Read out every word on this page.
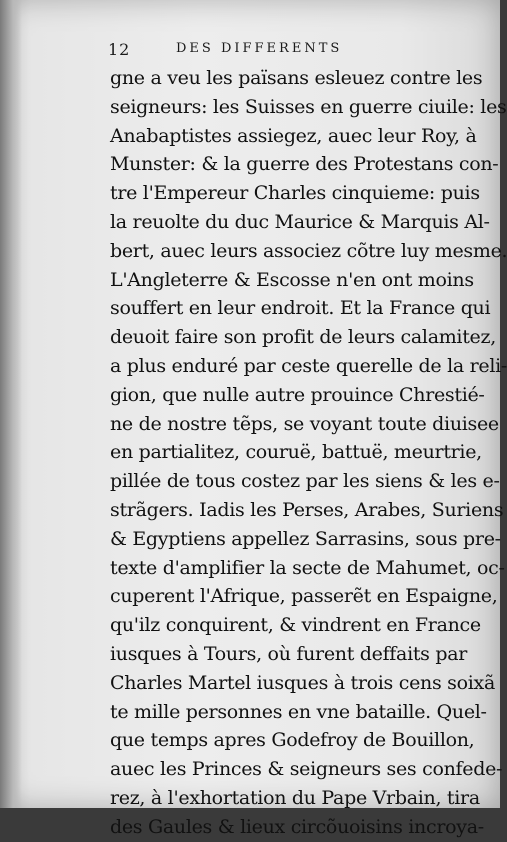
12	DES DIFFERENTS
gne a veu les païsans esleuez contre les
seigneurs: les Suisses en guerre ciuile: les
Anabaptistes assiegez, auec leur Roy, à
Munster: & la guerre des Protestans con-
tre l'Empereur Charles cinquieme: puis
la reuolte du duc Maurice & Marquis Al-
bert, auec leurs associez cõtre luy mesme.
L'Angleterre & Escosse n'en ont moins
souffert en leur endroit. Et la France qui
deuoit faire son profit de leurs calamitez,
a plus enduré par ceste querelle de la reli-
gion, que nulle autre prouince Chrestié-
ne de nostre tẽps, se voyant toute diuisee
en partialitez, couruë, battuë, meurtrie,
pillée de tous costez par les siens & les e-
strãgers. Iadis les Perses, Arabes, Suriens
& Egyptiens appellez Sarrasins, sous pre-
texte d'amplifier la secte de Mahumet, oc-
cuperent l'Afrique, passerẽt en Espaigne,
qu'ilz conquirent, & vindrent en France
iusques à Tours, où furent deffaits par
Charles Martel iusques à trois cens soixã
te mille personnes en vne bataille. Quel-
que temps apres Godefroy de Bouillon,
auec les Princes & seigneurs ses confede-
rez, à l'exhortation du Pape Vrbain, tira
des Gaules & lieux circõuoisins incroya-
